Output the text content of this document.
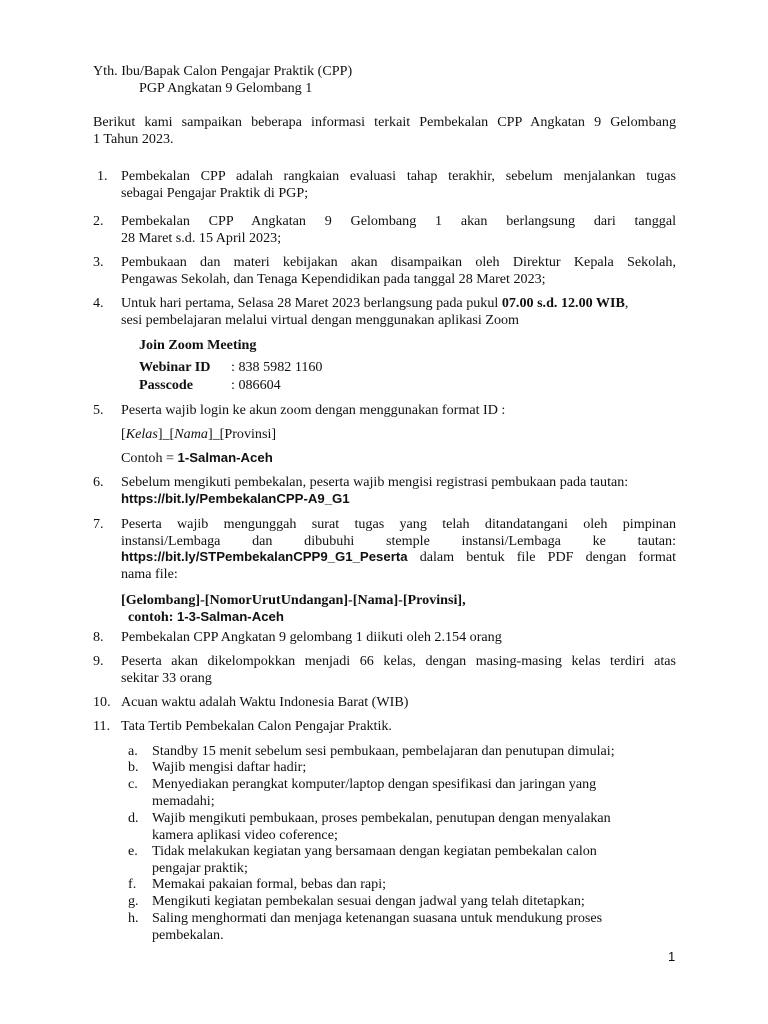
Yth. Ibu/Bapak Calon Pengajar Praktik (CPP)
PGP Angkatan 9 Gelombang 1
Berikut kami sampaikan beberapa informasi terkait Pembekalan CPP Angkatan 9 Gelombang
1 Tahun 2023.
1. Pembekalan CPP adalah rangkaian evaluasi tahap terakhir, sebelum menjalankan tugas
sebagai Pengajar Praktik di PGP;
2.	Pembekalan CPP Angkatan 9 Gelombang 1 akan berlangsung dari tanggal
28 Maret s.d. 15 April 2023;
3.	Pembukaan dan materi kebijakan akan disampaikan oleh Direktur Kepala Sekolah,
Pengawas Sekolah, dan Tenaga Kependidikan pada tanggal 28 Maret 2023;
4.	Untuk hari pertama, Selasa 28 Maret 2023 berlangsung pada pukul 07.00 s.d. 12.00 WIB,
sesi pembelajaran melalui virtual dengan menggunakan aplikasi Zoom
Join Zoom Meeting
Webinar ID : 838 5982 1160
Passcode	: 086604
5.	Peserta wajib login ke akun zoom dengan menggunakan format ID :
[Kelas]_[Nama]_[Provinsi]
Contoh = 1-Salman-Aceh
6.	Sebelum mengikuti pembekalan, peserta wajib mengisi registrasi pembukaan pada tautan:
https://bit.ly/PembekalanCPP-A9_G1
7.	Peserta wajib mengunggah surat tugas yang telah ditandatangani oleh pimpinan
instansi/Lembaga dan dibubuhi stemple instansi/Lembaga ke tautan:
https://bit.ly/STPembekalanCPP9_G1_Peserta dalam bentuk file PDF dengan format
nama file:
[Gelombang]-[NomorUrutUndangan]-[Nama]-[Provinsi],
contoh: 1-3-Salman-Aceh
8.	Pembekalan CPP Angkatan 9 gelombang 1 diikuti oleh 2.154 orang
9.	Peserta akan dikelompokkan menjadi 66 kelas, dengan masing-masing kelas terdiri atas
sekitar 33 orang
10. Acuan waktu adalah Waktu Indonesia Barat (WIB)
11. Tata Tertib Pembekalan Calon Pengajar Praktik.
a.	Standby 15 menit sebelum sesi pembukaan, pembelajaran dan penutupan dimulai;
b. Wajib mengisi daftar hadir;
c.	Menyediakan perangkat komputer/laptop dengan spesifikasi dan jaringan yang
memadahi;
d. Wajib mengikuti pembukaan, proses pembekalan, penutupan dengan menyalakan
kamera aplikasi video coference;
e.	Tidak melakukan kegiatan yang bersamaan dengan kegiatan pembekalan calon
pengajar praktik;
f.	Memakai pakaian formal, bebas dan rapi;
g. Mengikuti kegiatan pembekalan sesuai dengan jadwal yang telah ditetapkan;
h. Saling menghormati dan menjaga ketenangan suasana untuk mendukung proses
pembekalan.
1
